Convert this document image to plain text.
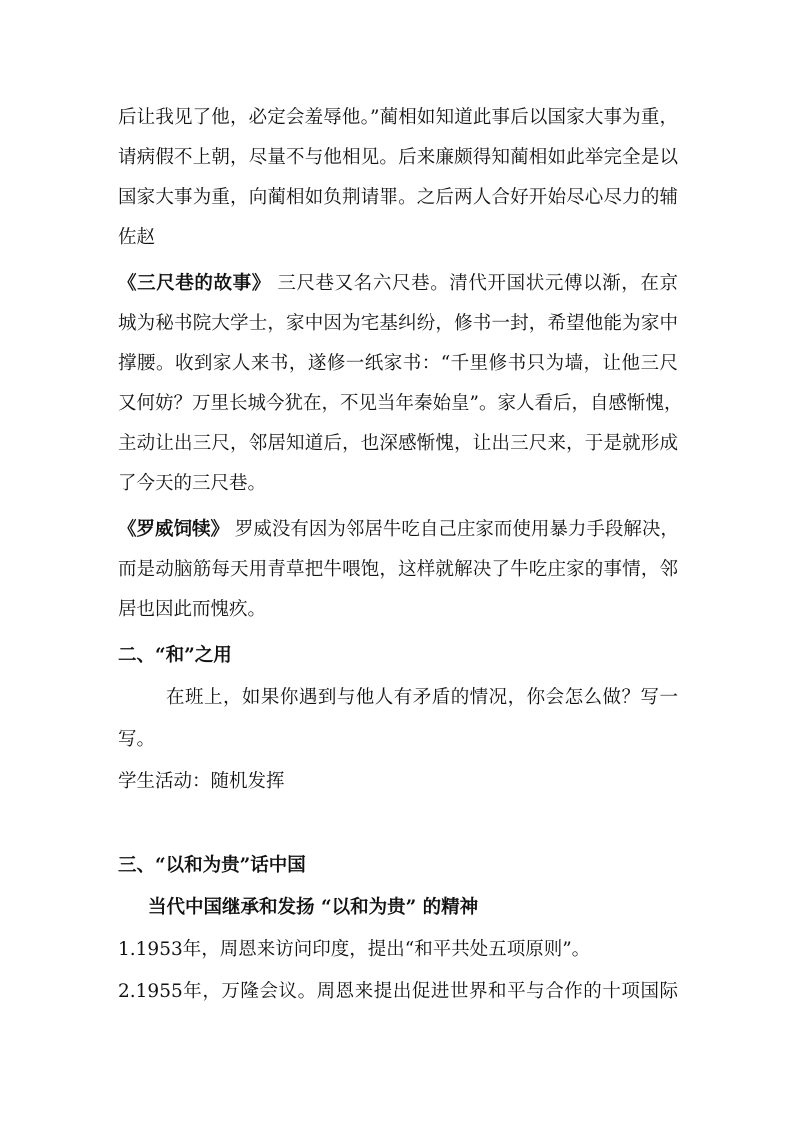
后让我见了他，必定会羞辱他。”蔺相如知道此事后以国家大事为重，
请病假不上朝，尽量不与他相见。后来廉颇得知蔺相如此举完全是以
国家大事为重，向蔺相如负荆请罪。之后两人合好开始尽心尽力的辅
佐赵
《三尺巷的故事》 三尺巷又名六尺巷。清代开国状元傅以渐，在京
城为秘书院大学士，家中因为宅基纠纷，修书一封，希望他能为家中
撑腰。收到家人来书，遂修一纸家书：“千里修书只为墙，让他三尺
又何妨？万里长城今犹在，不见当年秦始皇”。家人看后，自感惭愧，
主动让出三尺，邻居知道后，也深感惭愧，让出三尺来，于是就形成
了今天的三尺巷。
《罗威饲犊》 罗威没有因为邻居牛吃自己庄家而使用暴力手段解决，
而是动脑筋每天用青草把牛喂饱，这样就解决了牛吃庄家的事情，邻
居也因此而愧疚。
二、“和”之用
在班上，如果你遇到与他人有矛盾的情况，你会怎么做？写一
写。
学生活动：随机发挥
三、“以和为贵”话中国
当代中国继承和发扬 “以和为贵” 的精神
1.1953年，周恩来访问印度，提出“和平共处五项原则”。
2.1955年，万隆会议。周恩来提出促进世界和平与合作的十项国际
